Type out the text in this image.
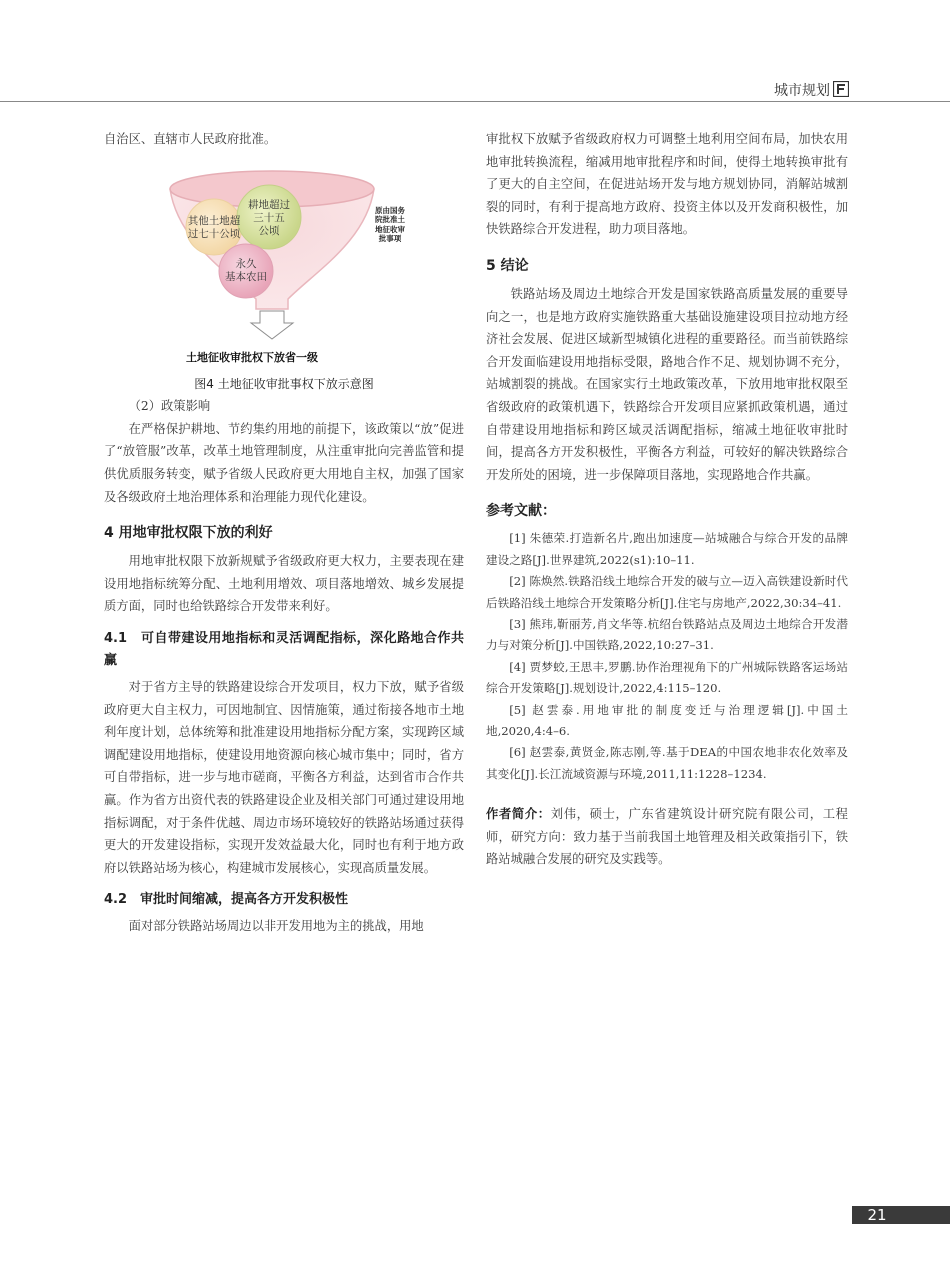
城市规划

自治区、直辖市人民政府批准。

其他土地超
过七十公顷
耕地超过
三十五
公顷
永久
基本农田
原由国务
院批准土
地征收审
批事项
土地征收审批权下放省一级
图4 土地征收审批事权下放示意图

（2）政策影响

在严格保护耕地、节约集约用地的前提下，该政策以“放”促进了“放管服”改革，改革土地管理制度，从注重审批向完善监管和提供优质服务转变，赋予省级人民政府更大用地自主权，加强了国家及各级政府土地治理体系和治理能力现代化建设。

4 用地审批权限下放的利好

用地审批权限下放新规赋予省级政府更大权力，主要表现在建设用地指标统筹分配、土地利用增效、项目落地增效、城乡发展提质方面，同时也给铁路综合开发带来利好。

4.1　可自带建设用地指标和灵活调配指标，深化路地合作共赢

对于省方主导的铁路建设综合开发项目，权力下放，赋予省级政府更大自主权力，可因地制宜、因情施策，通过衔接各地市土地利年度计划，总体统筹和批准建设用地指标分配方案，实现跨区域调配建设用地指标，使建设用地资源向核心城市集中；同时，省方可自带指标，进一步与地市磋商，平衡各方利益，达到省市合作共赢。作为省方出资代表的铁路建设企业及相关部门可通过建设用地指标调配，对于条件优越、周边市场环境较好的铁路站场通过获得更大的开发建设指标，实现开发效益最大化，同时也有利于地方政府以铁路站场为核心，构建城市发展核心，实现高质量发展。

4.2　审批时间缩减，提高各方开发积极性

面对部分铁路站场周边以非开发用地为主的挑战，用地

审批权下放赋予省级政府权力可调整土地利用空间布局，加快农用地审批转换流程，缩减用地审批程序和时间，使得土地转换审批有了更大的自主空间，在促进站场开发与地方规划协同，消解站城割裂的同时，有利于提高地方政府、投资主体以及开发商积极性，加快铁路综合开发进程，助力项目落地。

5 结论

铁路站场及周边土地综合开发是国家铁路高质量发展的重要导向之一，也是地方政府实施铁路重大基础设施建设项目拉动地方经济社会发展、促进区域新型城镇化进程的重要路径。而当前铁路综合开发面临建设用地指标受限，路地合作不足、规划协调不充分，站城割裂的挑战。在国家实行土地政策改革，下放用地审批权限至省级政府的政策机遇下，铁路综合开发项目应紧抓政策机遇，通过自带建设用地指标和跨区域灵活调配指标，缩减土地征收审批时间，提高各方开发积极性，平衡各方利益，可较好的解决铁路综合开发所处的困境，进一步保障项目落地，实现路地合作共赢。

参考文献：

[1] 朱德荣.打造新名片,跑出加速度—站城融合与综合开发的品牌建设之路[J].世界建筑,2022(s1):10–11.

[2] 陈焕然.铁路沿线土地综合开发的破与立—迈入高铁建设新时代后铁路沿线土地综合开发策略分析[J].住宅与房地产,2022,30:34–41.

[3] 熊玮,靳丽芳,肖文华等.杭绍台铁路站点及周边土地综合开发潜力与对策分析[J].中国铁路,2022,10:27–31.

[4] 贾梦蛟,王思丰,罗鹏.协作治理视角下的广州城际铁路客运场站综合开发策略[J].规划设计,2022,4:115–120.

[5] 赵雲泰.用地审批的制度变迁与治理逻辑[J].中国土地,2020,4:4–6.

[6] 赵雲泰,黄贤金,陈志刚,等.基于DEA的中国农地非农化效率及其变化[J].长江流域资源与环境,2011,11:1228–1234.

作者简介：刘伟，硕士，广东省建筑设计研究院有限公司，工程师，研究方向：致力基于当前我国土地管理及相关政策指引下，铁路站城融合发展的研究及实践等。

21
